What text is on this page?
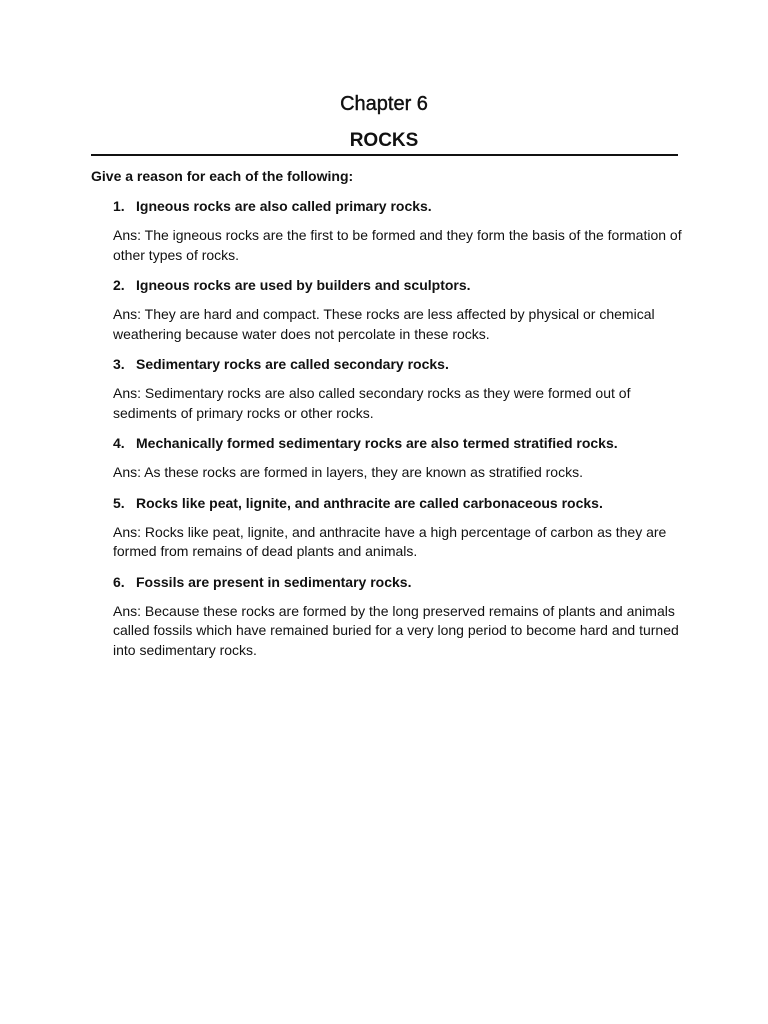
Chapter 6
ROCKS
Give a reason for each of the following:
1. Igneous rocks are also called primary rocks.
Ans: The igneous rocks are the first to be formed and they form the basis of the formation of other types of rocks.
2. Igneous rocks are used by builders and sculptors.
Ans: They are hard and compact. These rocks are less affected by physical or chemical weathering because water does not percolate in these rocks.
3. Sedimentary rocks are called secondary rocks.
Ans: Sedimentary rocks are also called secondary rocks as they were formed out of sediments of primary rocks or other rocks.
4. Mechanically formed sedimentary rocks are also termed stratified rocks.
Ans: As these rocks are formed in layers, they are known as stratified rocks.
5. Rocks like peat, lignite, and anthracite are called carbonaceous rocks.
Ans: Rocks like peat, lignite, and anthracite have a high percentage of carbon as they are formed from remains of dead plants and animals.
6. Fossils are present in sedimentary rocks.
Ans: Because these rocks are formed by the long preserved remains of plants and animals called fossils which have remained buried for a very long period to become hard and turned into sedimentary rocks.
